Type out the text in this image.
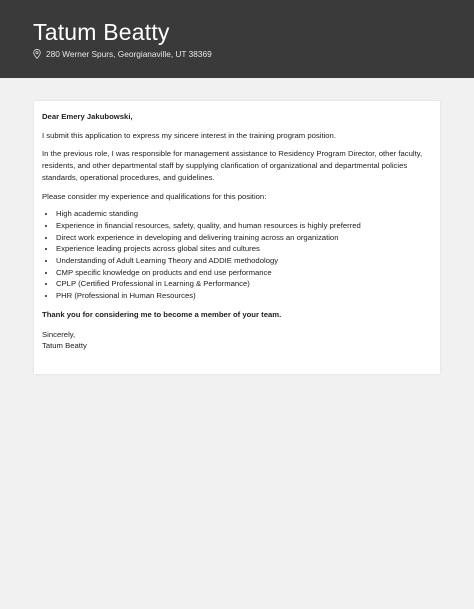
Tatum Beatty
280 Werner Spurs, Georgianaville, UT 38369

Dear Emery Jakubowski,

I submit this application to express my sincere interest in the training program position.

In the previous role, I was responsible for management assistance to Residency Program Director, other faculty, residents, and other departmental staff by supplying clarification of organizational and departmental policies standards, operational procedures, and guidelines.

Please consider my experience and qualifications for this position:

• High academic standing
• Experience in financial resources, safety, quality, and human resources is highly preferred
• Direct work experience in developing and delivering training across an organization
• Experience leading projects across global sites and cultures
• Understanding of Adult Learning Theory and ADDIE methodology
• CMP specific knowledge on products and end use performance
• CPLP (Certified Professional in Learning & Performance)
• PHR (Professional in Human Resources)

Thank you for considering me to become a member of your team.

Sincerely,

Tatum Beatty
